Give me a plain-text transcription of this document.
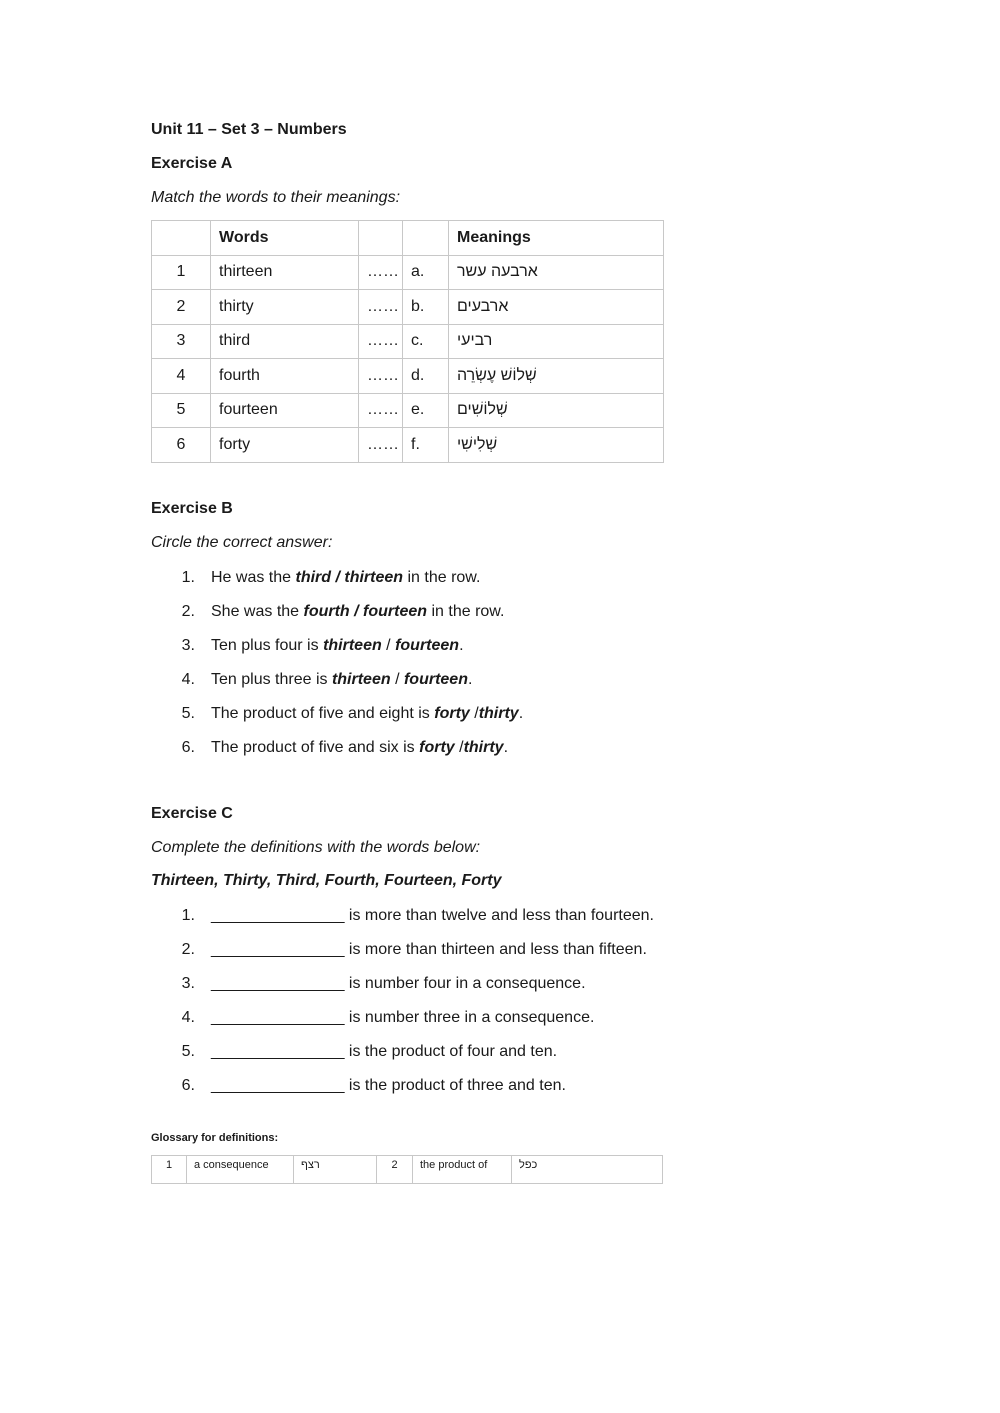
Unit 11 – Set 3 – Numbers
Exercise A
Match the words to their meanings:
	Words			Meanings
1	thirteen	……	a.	ארבעה עשר
2	thirty	……	b.	ארבעים
3	third	……	c.	רביעי
4	fourth	……	d.	שְׁלוֹשׁ עֶשְׂרֵה
5	fourteen	……	e.	שְׁלוֹשִׁים
6	forty	……	f.	שְׁלִישִׁי
Exercise B
Circle the correct answer:
1. He was the third / thirteen in the row.
2. She was the fourth / fourteen in the row.
3. Ten plus four is thirteen / fourteen.
4. Ten plus three is thirteen / fourteen.
5. The product of five and eight is forty /thirty.
6. The product of five and six is forty /thirty.
Exercise C
Complete the definitions with the words below:
Thirteen, Thirty, Third, Fourth, Fourteen, Forty
1. _______________ is more than twelve and less than fourteen.
2. _______________ is more than thirteen and less than fifteen.
3. _______________ is number four in a consequence.
4. _______________ is number three in a consequence.
5. _______________ is the product of four and ten.
6. _______________ is the product of three and ten.
Glossary for definitions:
1	a consequence	רצף	2	the product of	כפל
